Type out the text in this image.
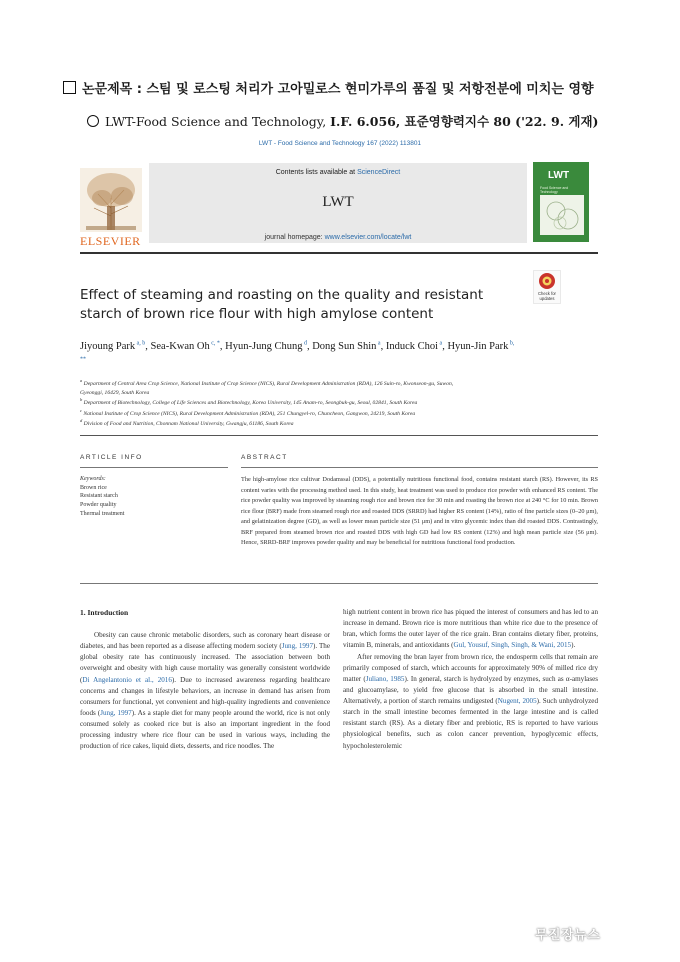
논문제목 : 스팀 및 로스팅 처리가 고아밀로스 현미가루의 품질 및 저항전분에 미치는 영향
LWT-Food Science and Technology, I.F. 6.056, 표준영향력지수 80 ('22. 9. 게재)
LWT - Food Science and Technology 167 (2022) 113801
ELSEVIER
Contents lists available at ScienceDirect
LWT
journal homepage: www.elsevier.com/locate/lwt
LWT
Food Science and Technology
Check for updates
Effect of steaming and roasting on the quality and resistant starch of brown rice flour with high amylose content
Jiyoung Park $^{a, b}$, Sea-Kwan Oh $^{c, *}$, Hyun-Jung Chung $^d$, Dong Sun Shin $^a$, Induck Choi $^a$, Hyun-Jin Park $^{b, **}$
$^a$ Department of Central Area Crop Science, National Institute of Crop Science (NICS), Rural Development Administration (RDA), 126 Suin-ro, Kwonseon-gu, Suwon,
Gyeonggi, 16429, South Korea
$^b$ Department of Biotechnology, College of Life Sciences and Biotechnology, Korea University, 145 Anam-ro, Seongbuk-gu, Seoul, 02841, South Korea
$^c$ National Institute of Crop Science (NICS), Rural Development Administration (RDA), 251 Chungyel-ro, Chuncheon, Gangwon, 24219, South Korea
$^d$ Division of Food and Nutrition, Chonnam National University, Gwangju, 61186, South Korea
ARTICLE INFO	ABSTRACT
Keywords:
Brown rice
Resistant starch
Powder quality
Thermal treatment
The high-amylose rice cultivar Dodamssal (DDS), a potentially nutritious functional food, contains resistant starch (RS). However, its RS content varies with the processing method used. In this study, heat treatment was used to produce rice powder with enhanced RS content. The rice powder quality was improved by steaming rough rice and brown rice for 30 min and roasting the brown rice at 240 °C for 10 min. Brown rice flour (BRF) made from steamed rough rice and roasted DDS (SRRD) had higher RS content (14%), ratio of fine particle sizes (0–20 μm), and gelatinization degree (GD), as well as lower mean particle size (51 μm) and in vitro glycemic index than did roasted DDS. Contrastingly, BRF prepared from steamed brown rice and roasted DDS with high GD had low RS content (12%) and high mean particle size (56 μm). Hence, SRRD-BRF improves powder quality and may be beneficial for nutritious functional food production.
1. Introduction

Obesity can cause chronic metabolic disorders, such as coronary heart disease or diabetes, and has been reported as a disease affecting modern society (Jung, 1997). The global obesity rate has continuously increased. The association between both overweight and obesity with high cause mortality was generally consistent worldwide (Di Angelantonio et al., 2016). Due to increased awareness regarding healthcare concerns and changes in lifestyle behaviors, an increase in demand has arisen from consumers for functional, yet convenient and high-quality ingredients and convenience foods (Jung, 1997). As a staple diet for many people around the world, rice is not only consumed solely as cooked rice but is also an important ingredient in the food processing industry where rice flour can be used in various ways, including the production of rice cakes, liquid diets, desserts, and rice noodles. The

high nutrient content in brown rice has piqued the interest of consumers and has led to an increase in demand. Brown rice is more nutritious than white rice due to the presence of bran, which forms the outer layer of the rice grain. Bran contains dietary fiber, proteins, vitamin B, minerals, and antioxidants (Gul, Yousuf, Singh, Singh, & Wani, 2015).

After removing the bran layer from brown rice, the endosperm cells that remain are primarily composed of starch, which accounts for approximately 90% of milled rice dry matter (Juliano, 1985). In general, starch is hydrolyzed by enzymes, such as α-amylases and glucoamylase, to yield free glucose that is absorbed in the small intestine. Alternatively, a portion of starch remains undigested (Nugent, 2005). Such unhydrolyzed starch in the small intestine becomes fermented in the large intestine and is called resistant starch (RS). As a dietary fiber and prebiotic, RS is reported to have various physiological benefits, such as colon cancer prevention, hypoglycemic effects, hypocholesterolemic

무진장뉴스
